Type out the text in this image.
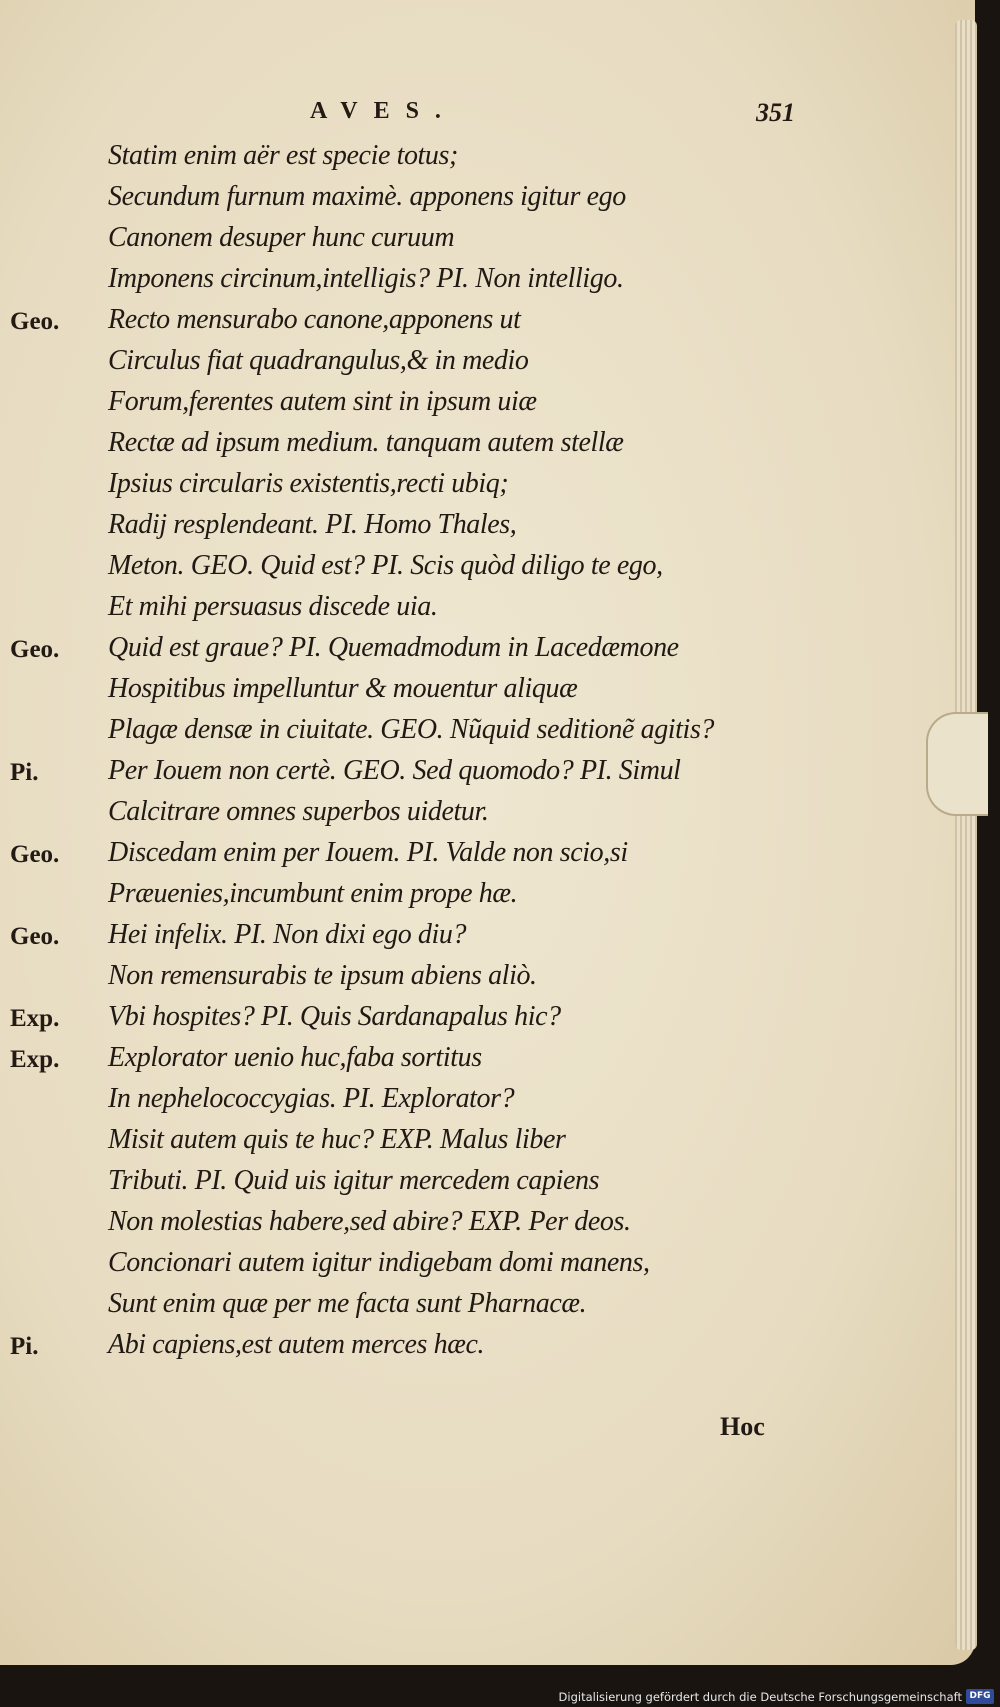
AVES.	351
Statim enim aër est specie totus;
Secundum furnum maximè. apponens igitur ego
Canonem desuper hunc curuum
Imponens circinum,intelligis? PI. Non intelligo.
Geo. Recto mensurabo canone,apponens ut
Circulus fiat quadrangulus,& in medio
Forum,ferentes autem sint in ipsum uiæ
Rectæ ad ipsum medium. tanquam autem stellæ
Ipsius circularis existentis,recti ubiq;
Radij resplendeant. PI. Homo Thales,
Meton. GEO. Quid est? PI. Scis quòd diligo te ego,
Et mihi persuasus discede uia.
Geo. Quid est graue? PI. Quemadmodum in Lacedæmone
Hospitibus impelluntur & mouentur aliquæ
Plagæ densæ in ciuitate. GEO. Nũquid seditionẽ agitis?
Pi. Per Iouem non certè. GEO. Sed quomodo? PI. Simul
Calcitrare omnes superbos uidetur.
Geo. Discedam enim per Iouem. PI. Valde non scio,si
Præuenies,incumbunt enim prope hæ.
Geo. Hei infelix. PI. Non dixi ego diu?
Non remensurabis te ipsum abiens aliò.
Exp. Vbi hospites? PI. Quis Sardanapalus hic?
Exp. Explorator uenio huc,faba sortitus
In nephelococcygias. PI. Explorator?
Misit autem quis te huc? EXP. Malus liber
Tributi. PI. Quid uis igitur mercedem capiens
Non molestias habere,sed abire? EXP. Per deos.
Concionari autem igitur indigebam domi manens,
Sunt enim quæ per me facta sunt Pharnacæ.
Pi. Abi capiens,est autem merces hæc.
Hoc
Digitalisierung gefördert durch die Deutsche Forschungsgemeinschaft DFG
